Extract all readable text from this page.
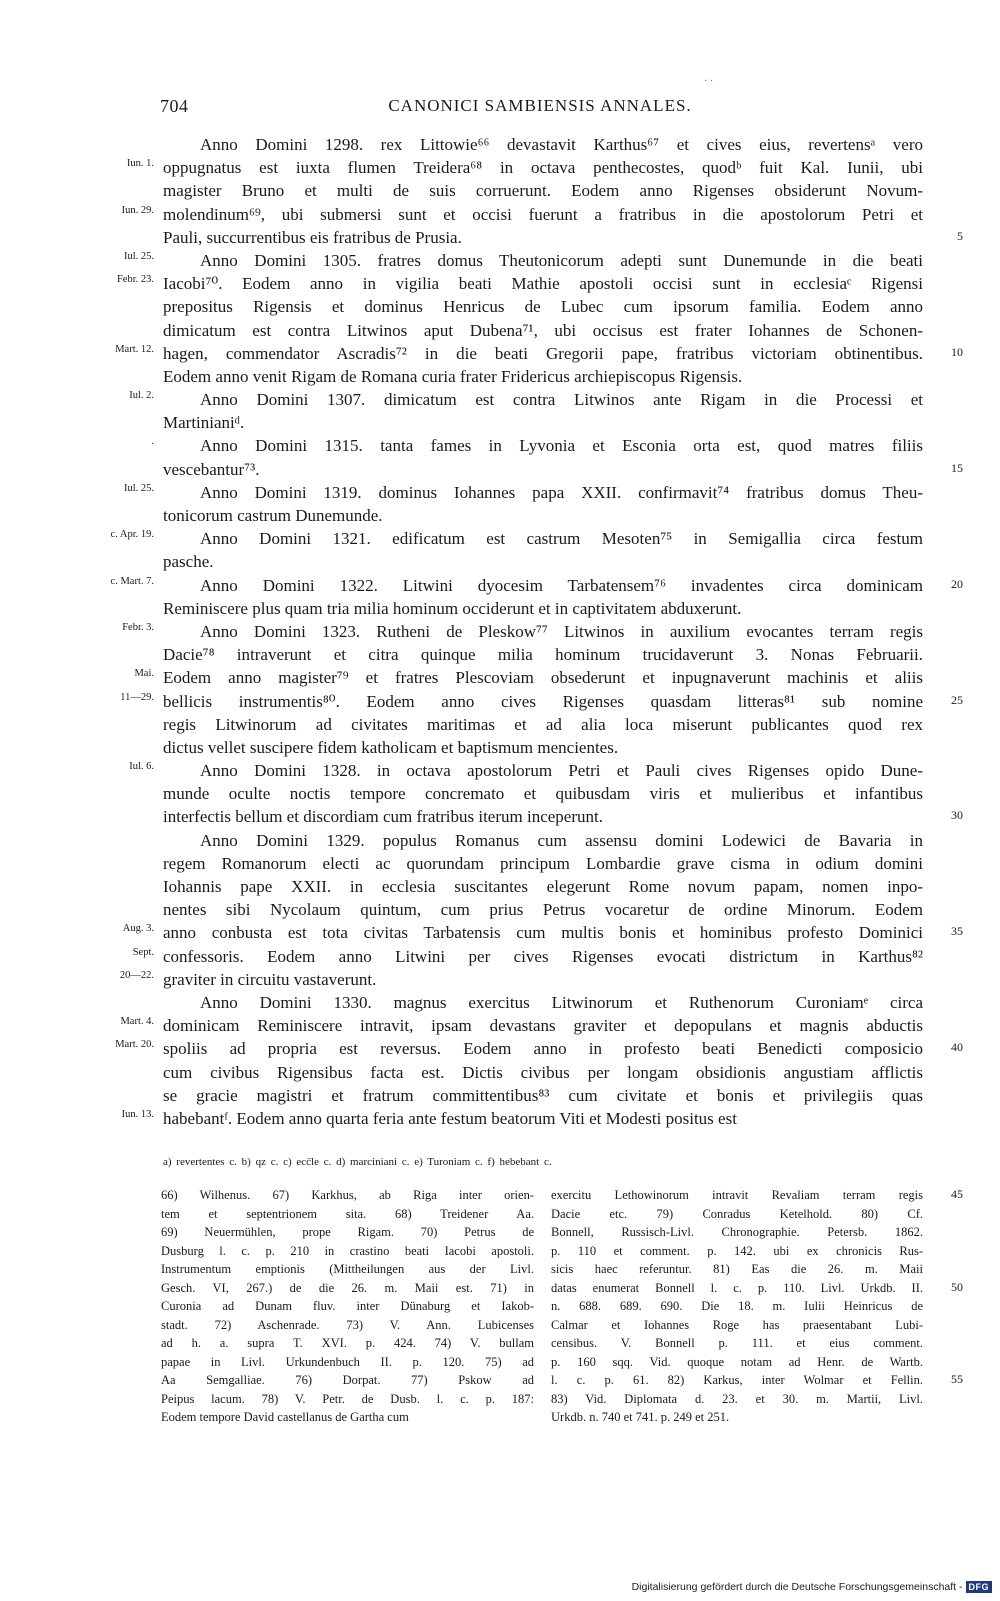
· ·
704	CANONICI SAMBIENSIS ANNALES.
Anno Domini 1298. rex Littowie⁶⁶ devastavit Karthus⁶⁷ et cives eius, revertensᵃ vero
Iun. 1. oppugnatus est iuxta flumen Treidera⁶⁸ in octava penthecostes, quodᵇ fuit Kal. Iunii, ubi
magister Bruno et multi de suis corruerunt. Eodem anno Rigenses obsiderunt Novum-
Iun. 29. molendinum⁶⁹, ubi submersi sunt et occisi fuerunt a fratribus in die apostolorum Petri et
Pauli, succurrentibus eis fratribus de Prusia.	5
Iul. 25.	Anno Domini 1305. fratres domus Theutonicorum adepti sunt Dunemunde in die beati
Febr. 23. Iacobi⁷⁰. Eodem anno in vigilia beati Mathie apostoli occisi sunt in ecclesiaᶜ Rigensi
prepositus Rigensis et dominus Henricus de Lubec cum ipsorum familia. Eodem anno
dimicatum est contra Litwinos aput Dubena⁷¹, ubi occisus est frater Iohannes de Schonen-
Mart. 12. hagen, commendator Ascradis⁷² in die beati Gregorii pape, fratribus victoriam obtinentibus.	10
Eodem anno venit Rigam de Romana curia frater Fridericus archiepiscopus Rigensis.
Iul. 2.	Anno Domini 1307. dimicatum est contra Litwinos ante Rigam in die Processi et
Martinianiᵈ.
.	Anno Domini 1315. tanta fames in Lyvonia et Esconia orta est, quod matres filiis
vescebantur⁷³.	15
Iul. 25.	Anno Domini 1319. dominus Iohannes papa XXII. confirmavit⁷⁴ fratribus domus Theu-
tonicorum castrum Dunemunde.
c. Apr. 19.	Anno Domini 1321. edificatum est castrum Mesoten⁷⁵ in Semigallia circa festum
pasche.
c. Mart. 7.	Anno Domini 1322. Litwini dyocesim Tarbatensem⁷⁶ invadentes circa dominicam	20
Reminiscere plus quam tria milia hominum occiderunt et in captivitatem abduxerunt.
Febr. 3.	Anno Domini 1323. Rutheni de Pleskow⁷⁷ Litwinos in auxilium evocantes terram regis
Dacie⁷⁸ intraverunt et citra quinque milia hominum trucidaverunt 3. Nonas Februarii.
Mai. Eodem anno magister⁷⁹ et fratres Plescoviam obsederunt et inpugnaverunt machinis et aliis
11—29. bellicis instrumentis⁸⁰. Eodem anno cives Rigenses quasdam litteras⁸¹ sub nomine	25
regis Litwinorum ad civitates maritimas et ad alia loca miserunt publicantes quod rex
dictus vellet suscipere fidem katholicam et baptismum mencientes.
Iul. 6.	Anno Domini 1328. in octava apostolorum Petri et Pauli cives Rigenses opido Dune-
munde oculte noctis tempore concremato et quibusdam viris et mulieribus et infantibus
interfectis bellum et discordiam cum fratribus iterum inceperunt.	30
Anno Domini 1329. populus Romanus cum assensu domini Lodewici de Bavaria in
regem Romanorum electi ac quorundam principum Lombardie grave cisma in odium domini
Iohannis pape XXII. in ecclesia suscitantes elegerunt Rome novum papam, nomen inpo-
nentes sibi Nycolaum quintum, cum prius Petrus vocaretur de ordine Minorum. Eodem
Aug. 3. anno conbusta est tota civitas Tarbatensis cum multis bonis et hominibus profesto Dominici	35
Sept. confessoris. Eodem anno Litwini per cives Rigenses evocati districtum in Karthus⁸²
20—22. graviter in circuitu vastaverunt.
Anno Domini 1330. magnus exercitus Litwinorum et Ruthenorum Curoniamᵉ circa
Mart. 4. dominicam Reminiscere intravit, ipsam devastans graviter et depopulans et magnis abductis
Mart. 20. spoliis ad propria est reversus. Eodem anno in profesto beati Benedicti composicio	40
cum civibus Rigensibus facta est. Dictis civibus per longam obsidionis angustiam afflictis
se gracie magistri et fratrum committentibus⁸³ cum civitate et bonis et privilegiis quas
Iun. 13. habebantᶠ. Eodem anno quarta feria ante festum beatorum Viti et Modesti positus est
a) revertentes c. b) qz c. c) ecc̄le c. d) marciniani c. e) Turoniam c. f) hebebant c.
66) Wilhenus. 67) Karkhus, ab Riga inter orien- exercitu Lethowinorum intravit Revaliam terram regis	45
tem et septentrionem sita. 68) Treidener Aa. Dacie etc. 79) Conradus Ketelhold. 80) Cf.
69) Neuermühlen, prope Rigam. 70) Petrus de Bonnell, Russisch-Livl. Chronographie. Petersb. 1862.
Dusburg l. c. p. 210 in crastino beati Iacobi apostoli. p. 110 et comment. p. 142. ubi ex chronicis Rus-
Instrumentum emptionis (Mittheilungen aus der Livl. sicis haec referuntur. 81) Eas die 26. m. Maii
Gesch. VI, 267.) de die 26. m. Maii est. 71) in datas enumerat Bonnell l. c. p. 110. Livl. Urkdb. II.	50
Curonia ad Dunam fluv. inter Dünaburg et Iakob- n. 688. 689. 690. Die 18. m. Iulii Heinricus de
stadt. 72) Aschenrade. 73) V. Ann. Lubicenses Calmar et Iohannes Roge has praesentabant Lubi-
ad h. a. supra T. XVI. p. 424. 74) V. bullam censibus. V. Bonnell p. 111. et eius comment.
papae in Livl. Urkundenbuch II. p. 120. 75) ad p. 160 sqq. Vid. quoque notam ad Henr. de Wartb.
Aa Semgalliae. 76) Dorpat. 77) Pskow ad l. c. p. 61. 82) Karkus, inter Wolmar et Fellin.	55
Peipus lacum. 78) V. Petr. de Dusb. l. c. p. 187: 83) Vid. Diplomata d. 23. et 30. m. Martii, Livl.
Eodem tempore David castellanus de Gartha cum	Urkdb. n. 740 et 741. p. 249 et 251.
Digitalisierung gefördert durch die Deutsche Forschungsgemeinschaft - DFG
